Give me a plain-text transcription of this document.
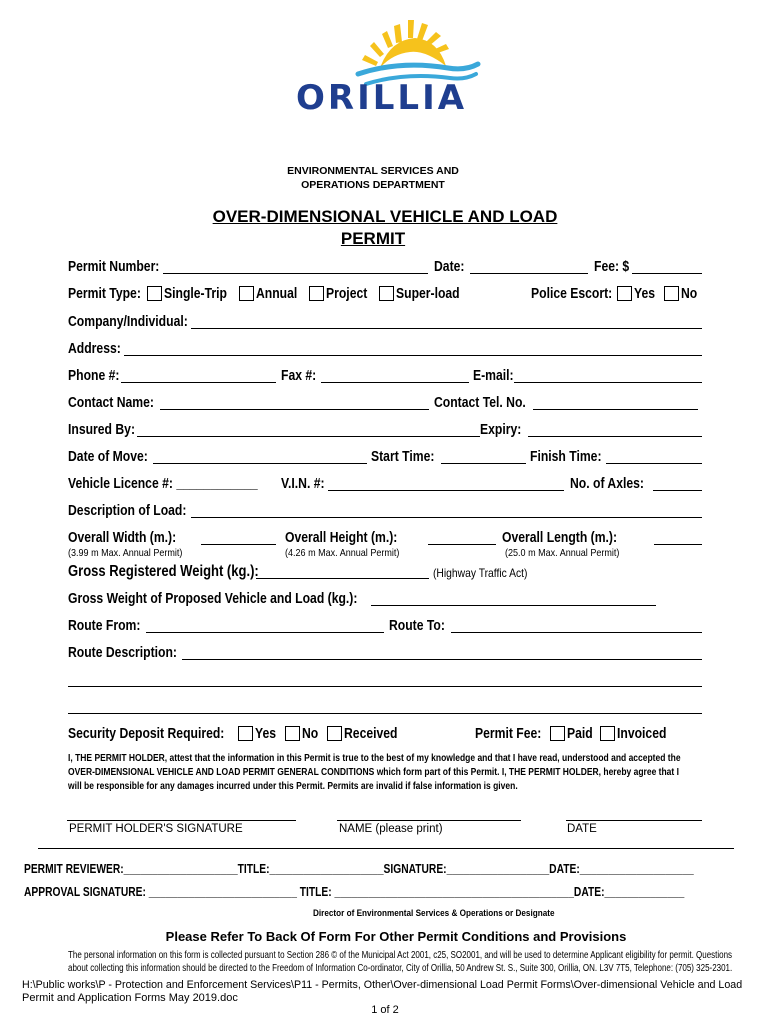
ORILLIA
ENVIRONMENTAL SERVICES AND
OPERATIONS DEPARTMENT
OVER-DIMENSIONAL VEHICLE AND LOAD
PERMIT
Permit Number:	Date:	Fee: $
Permit Type: Single-Trip Annual Project Super-load	Police Escort: Yes No
Company/Individual:
Address:
Phone #:	Fax #:	E-mail:
Contact Name:	Contact Tel. No.
Insured By:	Expiry:
Date of Move:	Start Time:	Finish Time:
Vehicle Licence #: ____________ V.I.N. #:	No. of Axles:
Description of Load:
Overall Width (m.):
(3.99 m Max. Annual Permit)
Overall Height (m.):
(4.26 m Max. Annual Permit)
Overall Length (m.):
(25.0 m Max. Annual Permit)
Gross Registered Weight (kg.):	(Highway Traffic Act)
Gross Weight of Proposed Vehicle and Load (kg.):
Route From:	Route To:
Route Description:
Security Deposit Required: Yes No Received	Permit Fee: Paid Invoiced
I, THE PERMIT HOLDER, attest that the information in this Permit is true to the best of my knowledge and that I have read, understood and accepted the
OVER-DIMENSIONAL VEHICLE AND LOAD PERMIT GENERAL CONDITIONS which form part of this Permit. I, THE PERMIT HOLDER, hereby agree that I
will be responsible for any damages incurred under this Permit. Permits are invalid if false information is given.
PERMIT HOLDER'S SIGNATURE	NAME (please print)	DATE
PERMIT REVIEWER:____________________TITLE:____________________SIGNATURE:__________________DATE:____________________
APPROVAL SIGNATURE: __________________________ TITLE: __________________________________________DATE:______________
Director of Environmental Services & Operations or Designate
Please Refer To Back Of Form For Other Permit Conditions and Provisions
The personal information on this form is collected pursuant to Section 286 © of the Municipal Act 2001, c25, SO2001, and will be used to determine Applicant eligibility for permit. Questions
about collecting this information should be directed to the Freedom of Information Co-ordinator, City of Orillia, 50 Andrew St. S., Suite 300, Orillia, ON. L3V 7T5, Telephone: (705) 325-2301.
H:\Public works\P - Protection and Enforcement Services\P11 - Permits, Other\Over-dimensional Load Permit Forms\Over-dimensional Vehicle and Load
Permit and Application Forms May 2019.doc
1 of 2
